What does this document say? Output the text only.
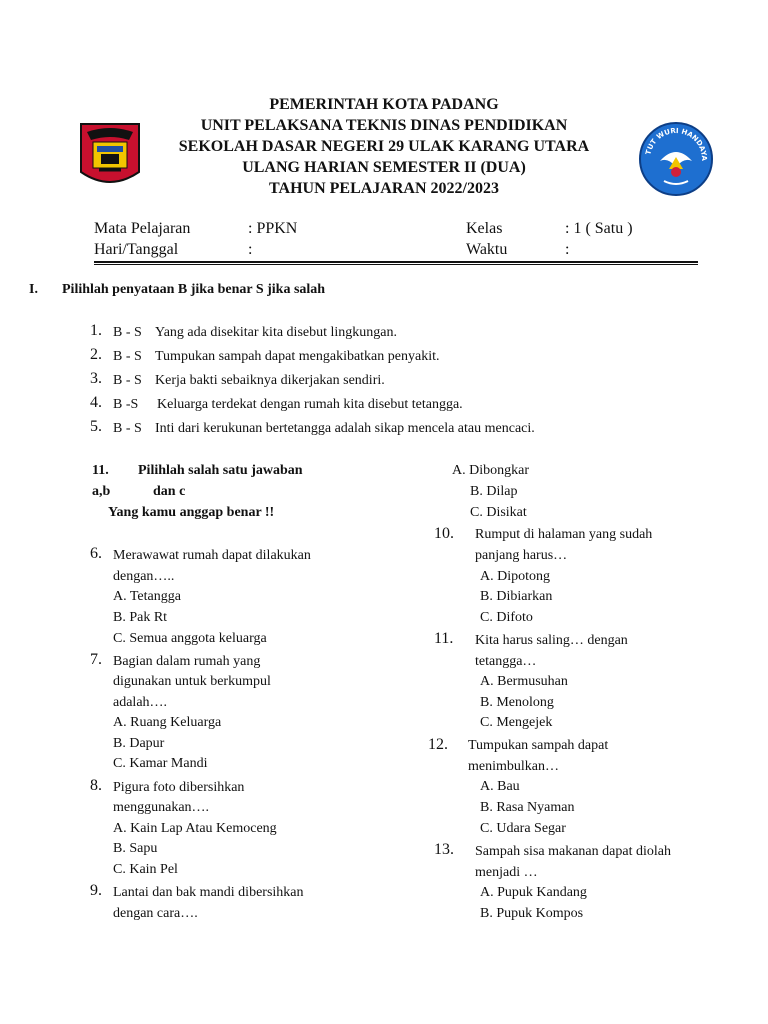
PEMERINTAH KOTA PADANG
UNIT PELAKSANA TEKNIS DINAS PENDIDIKAN
SEKOLAH DASAR NEGERI 29 ULAK KARANG UTARA
ULANG HARIAN SEMESTER II (DUA)
TAHUN PELAJARAN 2022/2023
TUT WURI HANDAYA
Mata Pelajaran	: PPKN	Kelas	: 1 ( Satu )
Hari/Tanggal	:	Waktu	:
I. Pilihlah penyataan B jika benar S jika salah
1. B - S Yang ada disekitar kita disebut lingkungan.
2. B - S Tumpukan sampah dapat mengakibatkan penyakit.
3. B - S Kerja bakti sebaiknya dikerjakan sendiri.
4. B -S Keluarga terdekat dengan rumah kita disebut tetangga.
5. B - S Inti dari kerukunan bertetangga adalah sikap mencela atau mencaci.
11. Pilihlah salah satu jawaban
a,b	dan c
Yang kamu anggap benar !!
6. Merawawat rumah dapat dilakukan
dengan…..
A. Tetangga
B. Pak Rt
C. Semua anggota keluarga
7. Bagian dalam rumah yang
digunakan untuk berkumpul
adalah….
A. Ruang Keluarga
B. Dapur
C. Kamar Mandi
8. Pigura foto dibersihkan
menggunakan….
A. Kain Lap Atau Kemoceng
B. Sapu
C. Kain Pel
9. Lantai dan bak mandi dibersihkan
dengan cara….
A. Dibongkar
B. Dilap
C. Disikat
10. Rumput di halaman yang sudah
panjang harus…
A. Dipotong
B. Dibiarkan
C. Difoto
11. Kita harus saling… dengan
tetangga…
A. Bermusuhan
B. Menolong
C. Mengejek
12. Tumpukan sampah dapat
menimbulkan…
A. Bau
B. Rasa Nyaman
C. Udara Segar
13. Sampah sisa makanan dapat diolah
menjadi …
A. Pupuk Kandang
B. Pupuk Kompos
